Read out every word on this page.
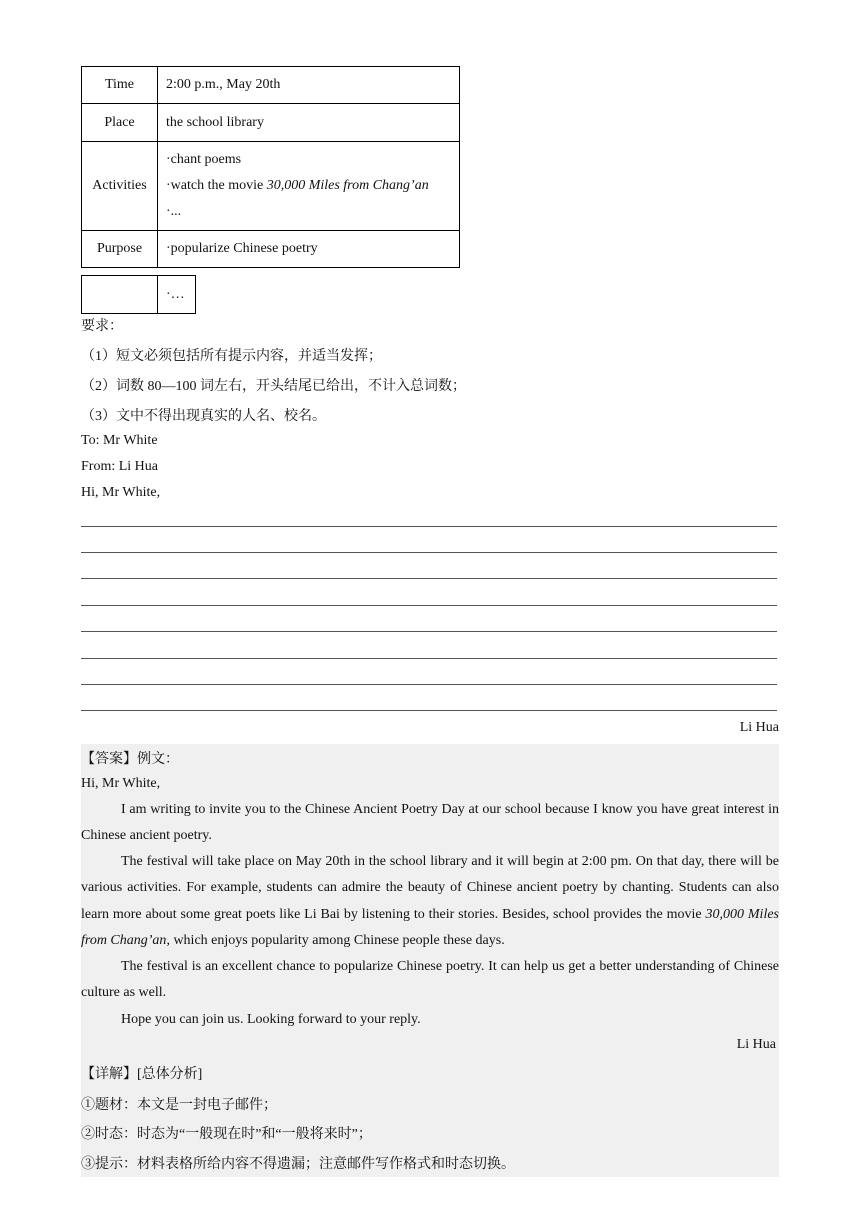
Time	2:00 p.m., May 20th
Place	the school library
Activities	·chant poems
·watch the movie 30,000 Miles from Chang’an
·...

Purpose	·popularize Chinese poetry
	·…
要求：
（1）短文必须包括所有提示内容，并适当发挥；
（2）词数 80—100 词左右，开头结尾已给出，不计入总词数；
（3）文中不得出现真实的人名、校名。
To: Mr White
From: Li Hua
Hi, Mr White,
Li Hua
【答案】例文：
Hi, Mr White,
I am writing to invite you to the Chinese Ancient Poetry Day at our school because I know you have great interest in Chinese ancient poetry.
The festival will take place on May 20th in the school library and it will begin at 2:00 pm. On that day, there will be various activities. For example, students can admire the beauty of Chinese ancient poetry by chanting. Students can also learn more about some great poets like Li Bai by listening to their stories. Besides, school provides the movie 30,000 Miles from Chang’an, which enjoys popularity among Chinese people these days.
The festival is an excellent chance to popularize Chinese poetry. It can help us get a better understanding of Chinese culture as well.
Hope you can join us. Looking forward to your reply.
Li Hua
【详解】[总体分析]
①题材：本文是一封电子邮件；
②时态：时态为“一般现在时”和“一般将来时”；
③提示：材料表格所给内容不得遗漏；注意邮件写作格式和时态切换。
